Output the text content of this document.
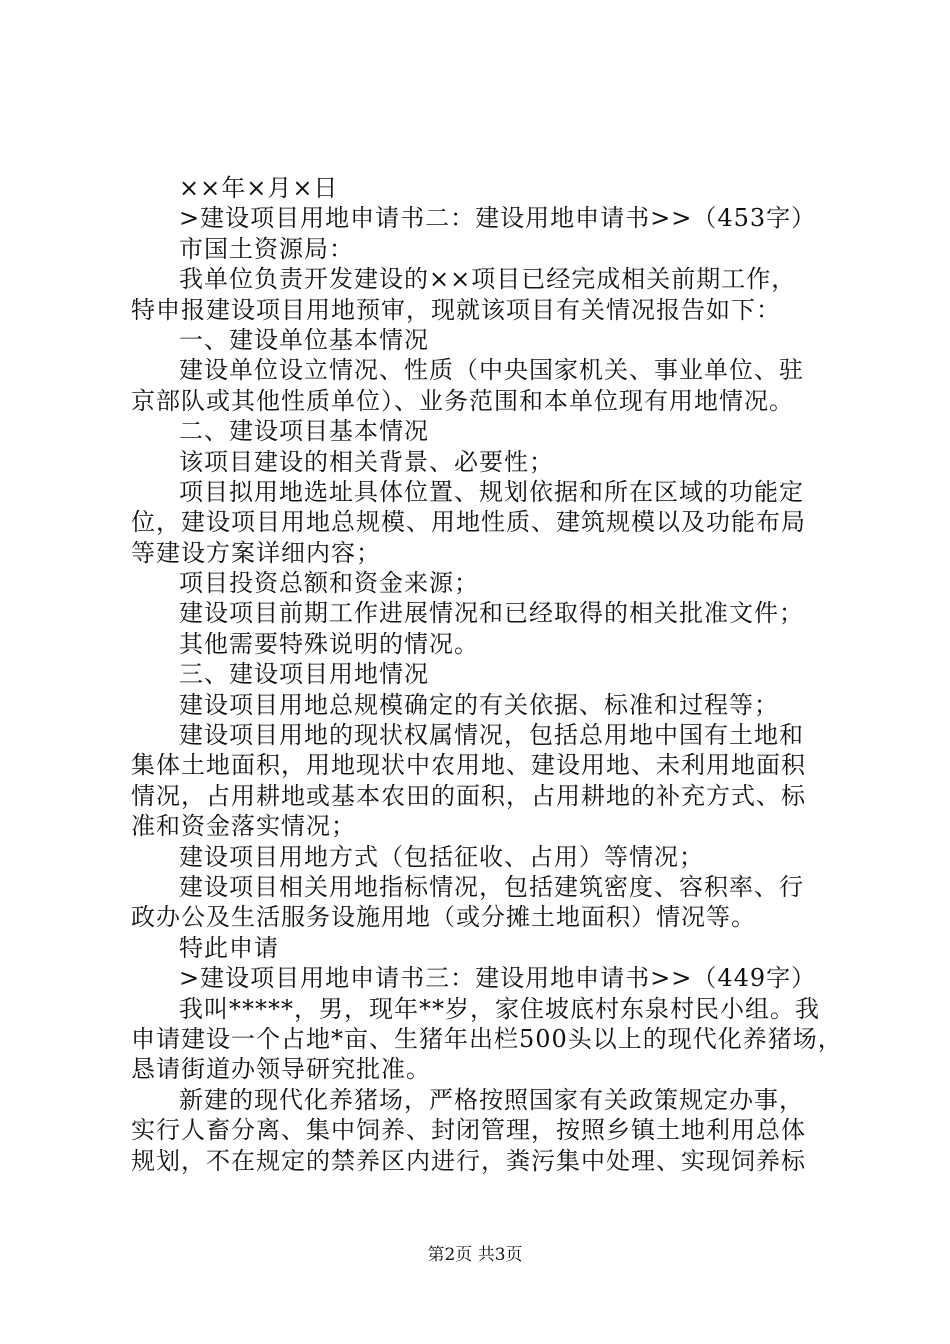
××年×月×日
>建设项目用地申请书二：建设用地申请书>>（453字）
市国土资源局：
我单位负责开发建设的××项目已经完成相关前期工作，
特申报建设项目用地预审，现就该项目有关情况报告如下：
一、建设单位基本情况
建设单位设立情况、性质（中央国家机关、事业单位、驻
京部队或其他性质单位）、业务范围和本单位现有用地情况。
二、建设项目基本情况
该项目建设的相关背景、必要性；
项目拟用地选址具体位置、规划依据和所在区域的功能定
位，建设项目用地总规模、用地性质、建筑规模以及功能布局
等建设方案详细内容；
项目投资总额和资金来源；
建设项目前期工作进展情况和已经取得的相关批准文件；
其他需要特殊说明的情况。
三、建设项目用地情况
建设项目用地总规模确定的有关依据、标准和过程等；
建设项目用地的现状权属情况，包括总用地中国有土地和
集体土地面积，用地现状中农用地、建设用地、未利用地面积
情况，占用耕地或基本农田的面积，占用耕地的补充方式、标
准和资金落实情况；
建设项目用地方式（包括征收、占用）等情况；
建设项目相关用地指标情况，包括建筑密度、容积率、行
政办公及生活服务设施用地（或分摊土地面积）情况等。
特此申请
>建设项目用地申请书三：建设用地申请书>>（449字）
我叫*****，男，现年**岁，家住坡底村东泉村民小组。我
申请建设一个占地*亩、生猪年出栏500头以上的现代化养猪场，
恳请街道办领导研究批准。
新建的现代化养猪场，严格按照国家有关政策规定办事，
实行人畜分离、集中饲养、封闭管理，按照乡镇土地利用总体
规划，不在规定的禁养区内进行，粪污集中处理、实现饲养标
第2页 共3页
